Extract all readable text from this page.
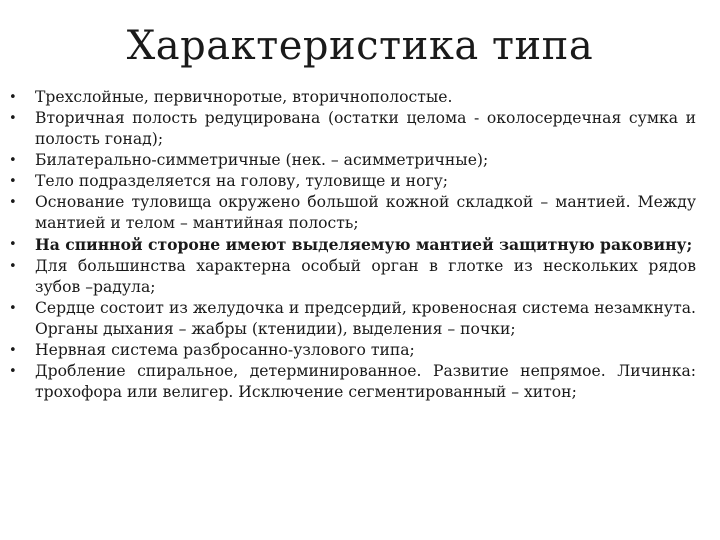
Характеристика типа
• Трехслойные, первичноротые, вторичнополостые.
• Вторичная полость редуцирована (остатки целома - околосердечная сумка и полость гонад);
• Билатерально-симметричные (нек. – асимметричные);
• Тело подразделяется на голову, туловище и ногу;
• Основание туловища окружено большой кожной складкой – мантией. Между мантией и телом – мантийная полость;
• На спинной стороне имеют выделяемую мантией защитную раковину;
• Для большинства характерна особый орган в глотке из нескольких рядов зубов –радула;
• Сердце состоит из желудочка и предсердий, кровеносная система незамкнута. Органы дыхания – жабры (ктенидии), выделения – почки;
• Нервная система разбросанно-узлового типа;
• Дробление спиральное, детерминированное. Развитие непрямое. Личинка: трохофора или велигер. Исключение сегментированный – хитон;
